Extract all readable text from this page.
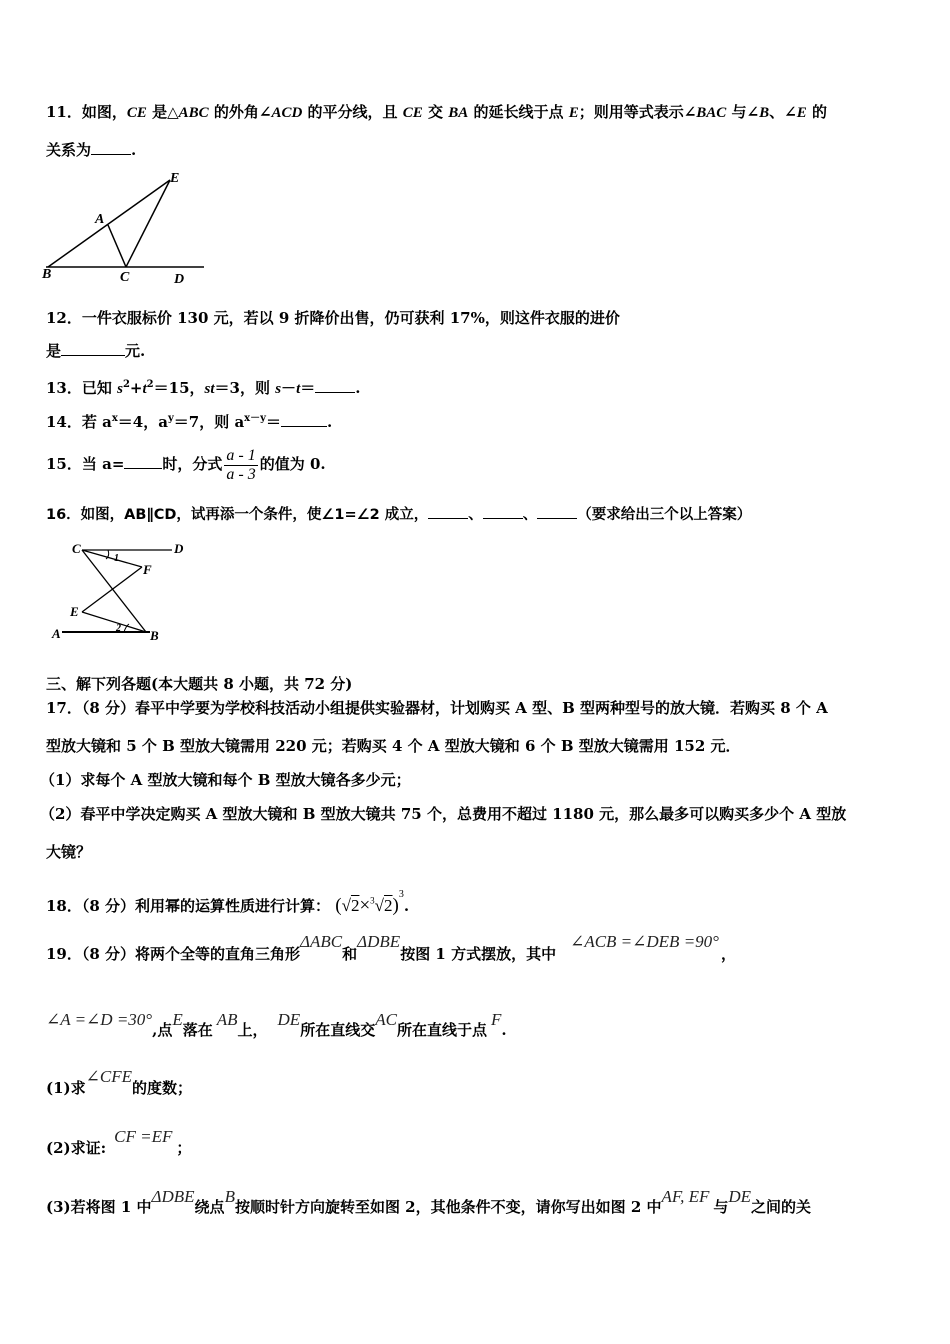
11．如图，CE 是△ABC 的外角∠ACD 的平分线，且 CE 交 BA 的延长线于点 E；则用等式表示∠BAC 与∠B、∠E 的
关系为	.
E
A
B	C	D
12．一件衣服标价 130 元，若以 9 折降价出售，仍可获利 17%，则这件衣服的进价
是	元.
13．已知 $s^2+t^2=15$，st＝3，则 s－t＝	.
14．若 $a^x=4$，$a^y=7$，则 $a^{x-y}=$	.
15．当 a=	时，分式 $\frac{a - 1}{a - 3}$ 的值为 0.
16．如图，AB∥CD，试再添一个条件，使∠1=∠2 成立，	、	、	（要求给出三个以上答案）
C	D
1
F
E
2
A	B
三、解下列各题(本大题共 8 小题，共 72 分)
17．（8 分）春平中学要为学校科技活动小组提供实验器材，计划购买 A 型、B 型两种型号的放大镜．若购买 8 个 A
型放大镜和 5 个 B 型放大镜需用 220 元；若购买 4 个 A 型放大镜和 6 个 B 型放大镜需用 152 元．
（1）求每个 A 型放大镜和每个 B 型放大镜各多少元；
（2）春平中学决定购买 A 型放大镜和 B 型放大镜共 75 个，总费用不超过 1180 元，那么最多可以购买多少个 A 型放
大镜？
18．（8 分）利用幂的运算性质进行计算： $(√2\times^3√2)^3$.
19．（8 分）将两个全等的直角三角形ΔABC和ΔDBE按图 1 方式摆放，其中∠ACB =∠DEB =90°，
∠A =∠D =30°,点E落在AB上，DE所在直线交AC所在直线于点F.
(1)求∠CFE的度数；
(2)求证:CF =EF；
(3)若将图 1 中ΔDBE绕点B按顺时针方向旋转至如图 2，其他条件不变，请你写出如图 2 中AF, EF与DE之间的关
